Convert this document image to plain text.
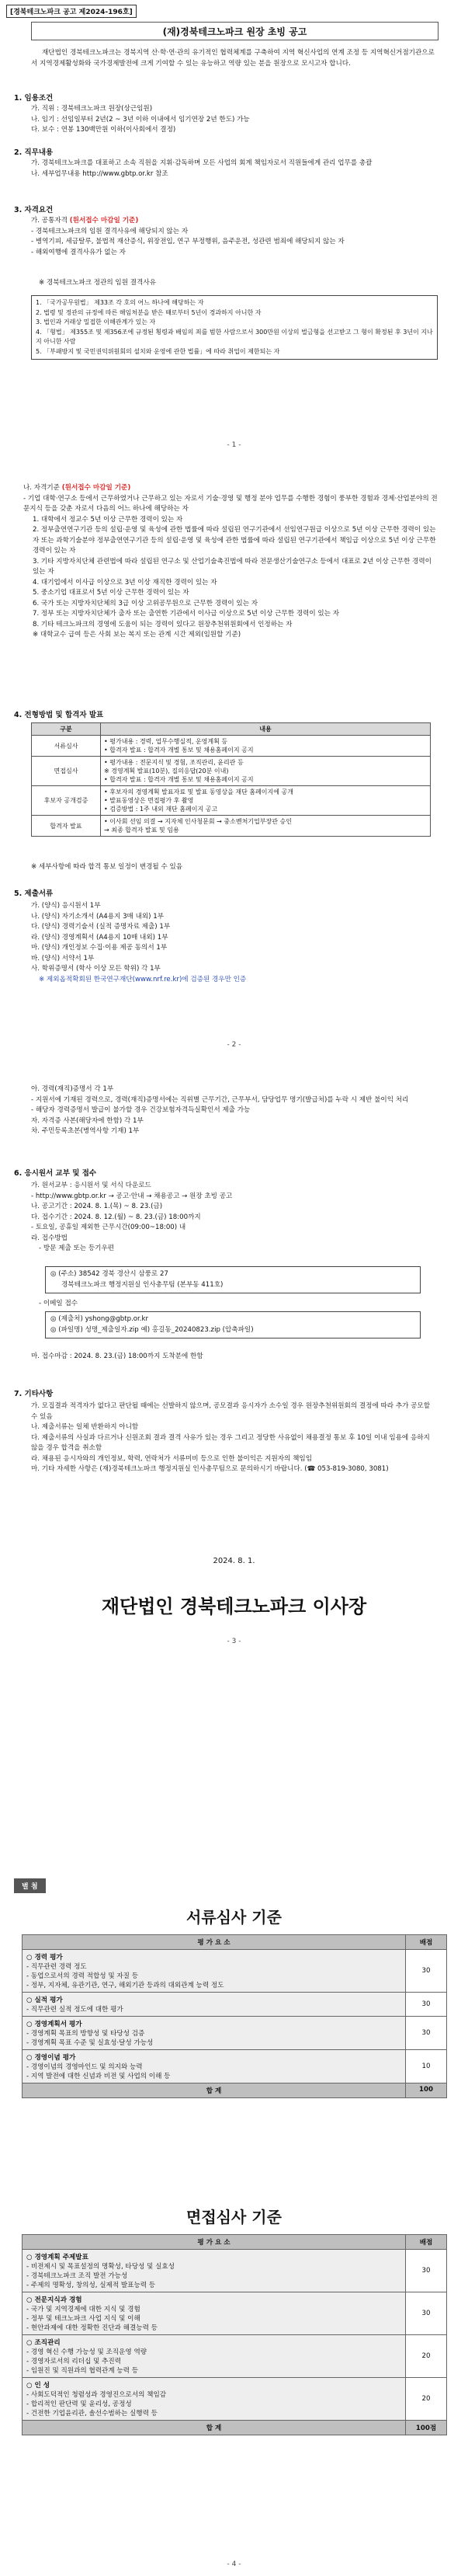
[경북테크노파크 공고 제2024-196호]
(재)경북테크노파크 원장 초빙 공고
재단법인 경북테크노파크는 경북지역 산·학·연·관의 유기적인 협력체계를 구축하여 지역 혁신사업의 연계 조정 등 지역혁신거점기관으로서 지역경제활성화와 국가경제발전에 크게 기여할 수 있는 유능하고 역량 있는 분을 원장으로 모시고자 합니다.
1. 임용조건
가. 직위 : 경북테크노파크 원장(상근임원)
나. 임기 : 선임일부터 2년(2 ~ 3년 이하 이내에서 임기연장 2년 한도) 가능
다. 보수 : 연봉 130백만원 이하(이사회에서 결정)
2. 직무내용
가. 경북테크노파크를 대표하고 소속 직원을 지휘·감독하며 모든 사업의 회계 책임자로서 직원들에게 관리 업무를 총괄
나. 세부업무내용 http://www.gbtp.or.kr 참조
3. 자격요건
가. 공통자격 (원서접수 마감일 기준)
- 경북테크노파크의 임원 결격사유에 해당되지 않는 자
- 병역기피, 세금탈루, 불법적 재산증식, 위장전입, 연구 부정행위, 음주운전, 성관련 범죄에 해당되지 않는 자
- 해외여행에 결격사유가 없는 자
※ 경북테크노파크 정관의 임원 결격사유
1. 「국가공무원법」 제33조 각 호의 어느 하나에 해당하는 자
2. 법령 및 정관의 규정에 따른 해임처분을 받은 때로부터 5년이 경과하지 아니한 자
3. 법인과 거래상 밀접한 이해관계가 있는 자
4. 「형법」 제355조 및 제356조에 규정된 횡령과 배임의 죄를 범한 사람으로서 300만원 이상의 벌금형을 선고받고 그 형이 확정된 후 3년이 지나지 아니한 사람
5. 「부패방지 및 국민권익위원회의 설치와 운영에 관한 법률」에 따라 취업이 제한되는 자
- 1 -
나. 자격기준 (원서접수 마감일 기준)
- 기업 대학·연구소 등에서 근무하였거나 근무하고 있는 자로서 기술·경영 및 행정 분야 업무를 수행한 경험이 풍부한 경험과 경제·산업분야의 전문지식 등을 갖춘 자로서 다음의 어느 하나에 해당하는 자
1. 대학에서 정교수 5년 이상 근무한 경력이 있는 자
2. 정부출연연구기관 등의 설립·운영 및 육성에 관한 법률에 따라 설립된 연구기관에서 선임연구원급 이상으로 5년 이상 근무한 경력이 있는 자 또는 과학기술분야 정부출연연구기관 등의 설립·운영 및 육성에 관한 법률에 따라 설립된 연구기관에서 책임급 이상으로 5년 이상 근무한 경력이 있는 자
3. 기타 지방자치단체 관련법에 따라 설립된 연구소 및 산업기술촉진법에 따라 전문생산기술연구소 등에서 대표로 2년 이상 근무한 경력이 있는 자
4. 대기업에서 이사급 이상으로 3년 이상 재직한 경력이 있는 자
5. 중소기업 대표로서 5년 이상 근무한 경력이 있는 자
6. 국가 또는 지방자치단체의 3급 이상 고위공무원으로 근무한 경력이 있는 자
7. 정부 또는 지방자치단체가 출자 또는 출연한 기관에서 이사급 이상으로 5년 이상 근무한 경력이 있는 자
8. 기타 테크노파크의 경영에 도움이 되는 경력이 있다고 원장추천위원회에서 인정하는 자
※ 대학교수 급여 등은 사회 보는 복지 또는 관계 시간 제외(임원할 기준)
4. 전형방법 및 합격자 발표
구분	내용
서류심사	• 평가내용 : 경력, 업무수행실적, 운영계획 등
• 합격자 발표 : 합격자 개별 통보 및 채용홈페이지 공지

면접심사	• 평가내용 : 전문지식 및 경험, 조직관리, 윤리관 등
※ 경영계획 발표(10분), 질의응답(20분 이내)
• 합격자 발표 : 합격자 개별 통보 및 채용홈페이지 공지

후보자 공개검증	• 후보자의 경영계획 발표자료 및 발표 동영상을 재단 홈페이지에 공개
• 발표동영상은 면접평가 후 촬영
• 검증방법 : 1주 내외 재단 홈페이지 공고

합격자 발표	• 이사회 선임 의결 → 지자체 인사청문회 → 중소벤처기업부장관 승인
→ 최종 합격자 발표 및 임용
※ 세부사항에 따라 합격 통보 일정이 변경될 수 있음
5. 제출서류
가. (양식) 응시원서 1부
나. (양식) 자기소개서 (A4용지 3매 내외) 1부
다. (양식) 경력기술서 (실적 증명자료 제출) 1부
라. (양식) 경영계획서 (A4용지 10매 내외) 1부
마. (양식) 개인정보 수집·이용 제공 동의서 1부
바. (양식) 서약서 1부
사. 학위증명서 (학사 이상 모든 학위) 각 1부
※ 제외옵적확회된 한국연구재단(www.nrf.re.kr)에 검증된 경우만 인증
- 2 -
아. 경력(재직)증명서 각 1부
- 지원서에 기재된 경력으로, 경력(재직)증명서에는 직위별 근무기간, 근무부서, 담당업무 명기(발급처)를 누락 시 제반 불이익 처리
- 해당자 경력증명서 발급이 불가할 경우 건강보험자격득실확인서 제출 가능
자. 자격증 사본(해당자에 한함) 각 1부
차. 주민등록초본(병역사항 기재) 1부
6. 응시원서 교부 및 접수
가. 원서교부 : 응시원서 및 서식 다운로드
- http://www.gbtp.or.kr → 공고·안내 → 채용공고 → 원장 초빙 공고
나. 공고기간 : 2024. 8. 1.(목) ~ 8. 23.(금)
다. 접수기간 : 2024. 8. 12.(월) ~ 8. 23.(금) 18:00까지
- 토요일, 공휴일 제외한 근무시간(09:00~18:00) 내
라. 접수방법
- 방문 제출 또는 등기우편
◎ (주소) 38542 경북 경산시 삼풍로 27
경북테크노파크 행정지원실 인사총무팀 (본부동 411호)
- 이메일 접수
◎ (제출처) yshong@gbtp.or.kr
◎ (파일명) 성명_제출일자.zip 예) 홍길동_20240823.zip (압축파일)
마. 접수마감 : 2024. 8. 23.(금) 18:00까지 도착분에 한함
7. 기타사항
가. 모집결과 적격자가 없다고 판단될 때에는 선발하지 않으며, 공모결과 응시자가 소수일 경우 원장추천위원회의 결정에 따라 추가 공모할 수 있음
나. 제출서류는 일체 반환하지 아니함
다. 제출서류의 사실과 다르거나 신원조회 결과 결격 사유가 있는 경우 그리고 정당한 사유없이 채용결정 통보 후 10일 이내 임용에 응하지 않을 경우 합격을 취소함
라. 채용된 응시자와의 개인정보, 학력, 연락처가 서류미비 등으로 인한 불이익은 지원자의 책임임
마. 기타 자세한 사항은 (재)경북테크노파크 행정지원실 인사총무팀으로 문의하시기 바랍니다. (☎ 053-819-3080, 3081)
2024. 8. 1.
재단법인 경북테크노파크 이사장
- 3 -
별 첨
서류심사 기준
평 가 요 소	배점

○ 경력 평가
- 직무관련 경력 정도
- 동업으로서의 경력 적합성 및 자질 등
- 정부, 지자체, 유관기관, 연구, 해외기관 등과의 대외관계 능력 정도	30

○ 실적 평가
- 직무관련 실적 정도에 대한 평가	30

○ 경영계획서 평가
- 경영계획 목표의 방향성 및 타당성 검증
- 경영계획 목표 수준 및 실효성·달성 가능성	30

○ 경영이념 평가
- 경영이념의 경영마인드 및 의지와 능력
- 지역 발전에 대한 신념과 비전 및 사업의 이해 등	10
합 계	100
면접심사 기준
평 가 요 소	배점

○ 경영계획 주제발표
- 비전제시 및 목표설정의 명확성, 타당성 및 실효성
- 경북테크노파크 조직 발전 가능성
- 주제의 명확성, 창의성, 실제적 발표능력 등	30

○ 전문지식과 경험
- 국가 및 지역경제에 대한 지식 및 경험
- 정부 및 테크노파크 사업 지식 및 이해
- 현안과제에 대한 정확한 진단과 해결능력 등	30

○ 조직관리
- 경영 혁신 수행 가능성 및 조직운영 역량
- 경영자로서의 리더십 및 추진력
- 임원진 및 직원과의 협력관계 능력 등	20

○ 인 성
- 사회도덕적인 청렴성과 경영진으로서의 책임감
- 합리적인 판단력 및 윤리성, 공정성
- 건전한 기업윤리관, 솔선수범하는 실행력 등	20
합 계	100점
- 4 -
